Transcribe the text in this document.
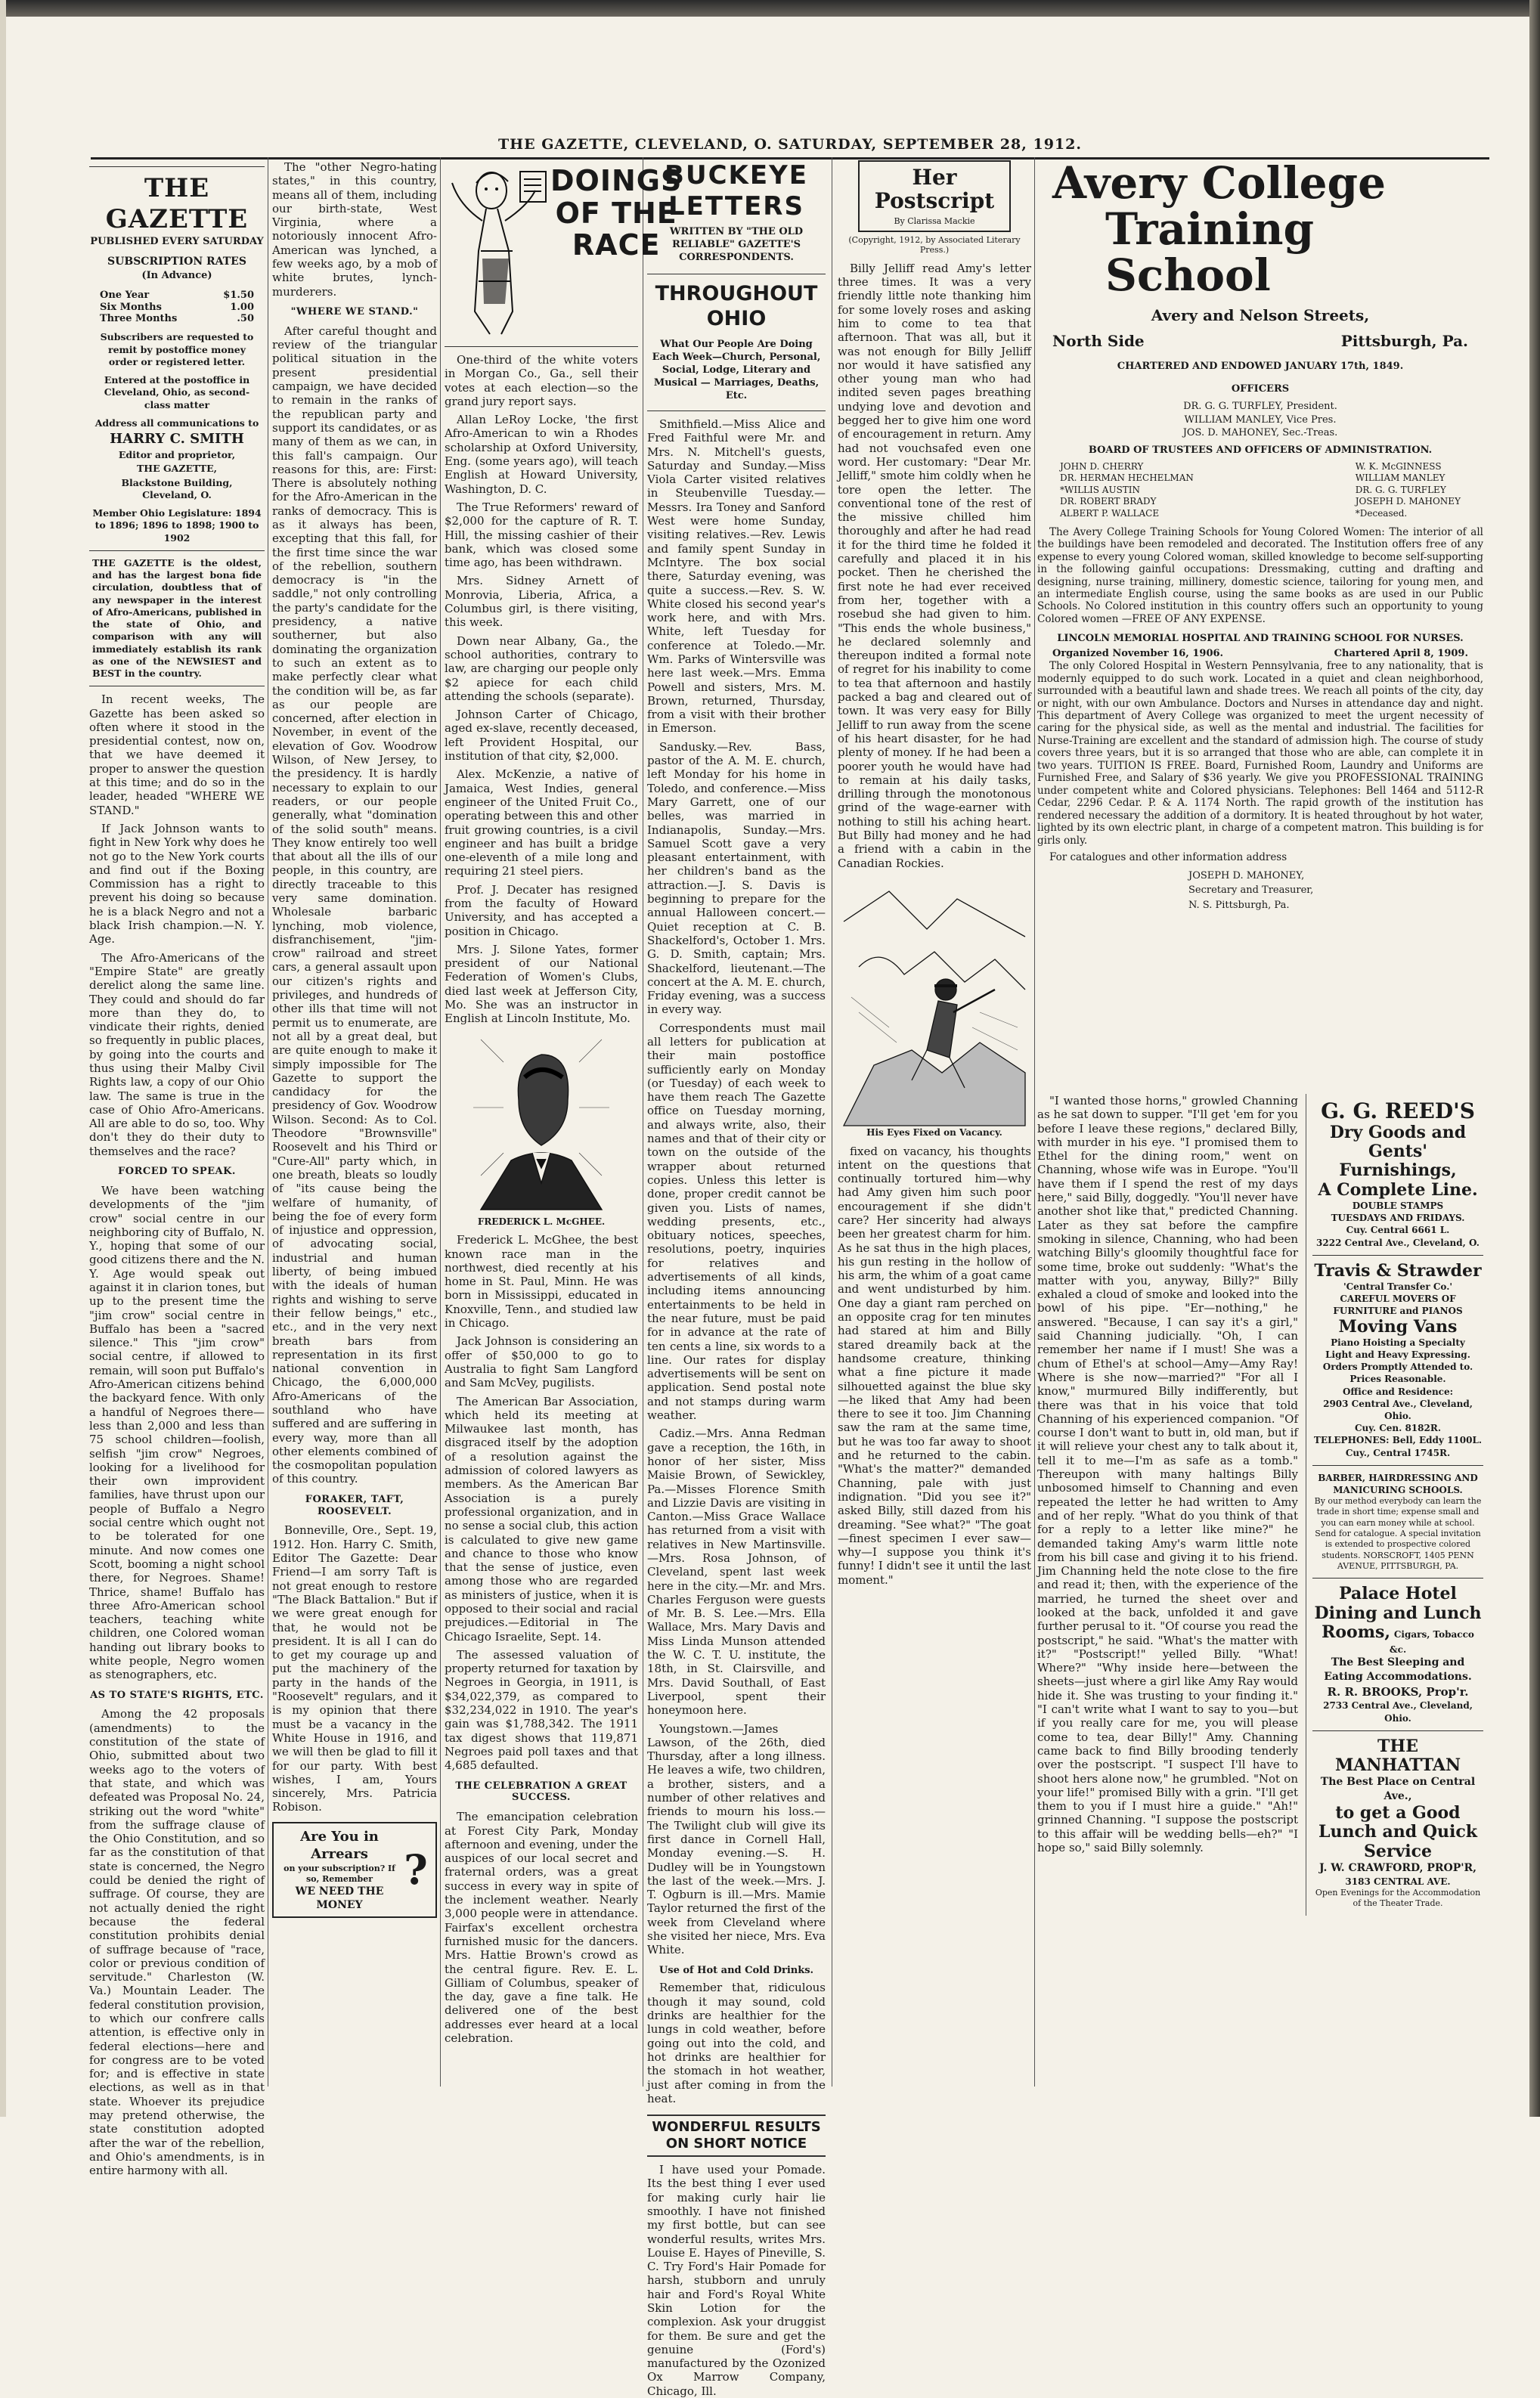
THE GAZETTE, CLEVELAND, O. SATURDAY, SEPTEMBER 28, 1912.
THE GAZETTE
PUBLISHED EVERY SATURDAY
SUBSCRIPTION RATES
(In Advance)
One Year	$1.50
Six Months	1.00
Three Months	.50
Subscribers are requested to remit by postoffice money order or registered letter.
Entered at the postoffice in Cleveland, Ohio, as second-class matter
Address all communications to
HARRY C. SMITH
Editor and proprietor,
THE GAZETTE,
Blackstone Building, Cleveland, O.
Member Ohio Legislature: 1894 to 1896; 1896 to 1898; 1900 to 1902
THE GAZETTE is the oldest, and has the largest bona fide circulation, doubtless that of any newspaper in the interest of Afro-Americans, published in the state of Ohio, and comparison with any will immediately establish its rank as one of the NEWSIEST and BEST in the country.

In recent weeks, The Gazette has been asked so often where it stood in the presidential contest, now on, that we have deemed it proper to answer the question at this time; and do so in the leader, headed "WHERE WE STAND."

If Jack Johnson wants to fight in New York why does he not go to the New York courts and find out if the Boxing Commission has a right to prevent his doing so because he is a black Negro and not a black Irish champion.—N. Y. Age.

The Afro-Americans of the "Empire State" are greatly derelict along the same line. They could and should do far more than they do, to vindicate their rights, denied so frequently in public places, by going into the courts and thus using their Malby Civil Rights law, a copy of our Ohio law. The same is true in the case of Ohio Afro-Americans. All are able to do so, too. Why don't they do their duty to themselves and the race?

FORCED TO SPEAK.

We have been watching developments of the "jim crow" social centre in our neighboring city of Buffalo, N. Y., hoping that some of our good citizens there and the N. Y. Age would speak out against it in clarion tones, but up to the present time the "jim crow" social centre in Buffalo has been a "sacred silence." This "jim crow" social centre, if allowed to remain, will soon put Buffalo's Afro-American citizens behind the backyard fence. With only a handful of Negroes there—less than 2,000 and less than 75 school children—foolish, selfish "jim crow" Negroes, looking for a livelihood for their own improvident families, have thrust upon our people of Buffalo a Negro social centre which ought not to be tolerated for one minute. And now comes one Scott, booming a night school there, for Negroes. Shame! Thrice, shame! Buffalo has three Afro-American school teachers, teaching white children, one Colored woman handing out library books to white people, Negro women as stenographers, etc.

AS TO STATE'S RIGHTS, ETC.

Among the 42 proposals (amendments) to the constitution of the state of Ohio, submitted about two weeks ago to the voters of that state, and which was defeated was Proposal No. 24, striking out the word "white" from the suffrage clause of the Ohio Constitution, and so far as the constitution of that state is concerned, the Negro could be denied the right of suffrage. Of course, they are not actually denied the right because the federal constitution prohibits denial of suffrage because of "race, color or previous condition of servitude." Charleston (W. Va.) Mountain Leader. The federal constitution provision, to which our confrere calls attention, is effective only in federal elections—here and for congress are to be voted for; and is effective in state elections, as well as in that state. Whoever its prejudice may pretend otherwise, the state constitution adopted after the war of the rebellion, and Ohio's amendments, is in entire harmony with all.

The "other Negro-hating states," in this country, means all of them, including our birth-state, West Virginia, where a notoriously innocent Afro-American was lynched, a few weeks ago, by a mob of white brutes, lynch-murderers.

"WHERE WE STAND."

After careful thought and review of the triangular political situation in the present presidential campaign, we have decided to remain in the ranks of the republican party and support its candidates, or as many of them as we can, in this fall's campaign. Our reasons for this, are: First: There is absolutely nothing for the Afro-American in the ranks of democracy. This is as it always has been, excepting that this fall, for the first time since the war of the rebellion, southern democracy is "in the saddle," not only controlling the party's candidate for the presidency, a native southerner, but also dominating the organization to such an extent as to make perfectly clear what the condition will be, as far as our people are concerned, after election in November, in event of the elevation of Gov. Woodrow Wilson, of New Jersey, to the presidency. It is hardly necessary to explain to our readers, or our people generally, what "domination of the solid south" means. They know entirely too well that about all the ills of our people, in this country, are directly traceable to this very same domination. Wholesale barbaric lynching, mob violence, disfranchisement, "jim-crow" railroad and street cars, a general assault upon our citizen's rights and privileges, and hundreds of other ills that time will not permit us to enumerate, are not all by a great deal, but are quite enough to make it simply impossible for The Gazette to support the candidacy for the presidency of Gov. Woodrow Wilson. Second: As to Col. Theodore "Brownsville" Roosevelt and his Third or "Cure-All" party which, in one breath, bleats so loudly of "its cause being the welfare of humanity, of being the foe of every form of injustice and oppression, of advocating social, industrial and human liberty, of being imbued with the ideals of human rights and wishing to serve their fellow beings," etc., etc., and in the very next breath bars from representation in its first national convention in Chicago, the 6,000,000 Afro-Americans of the southland who have suffered and are suffering in every way, more than all other elements combined of the cosmopolitan population of this country.

FORAKER, TAFT, ROOSEVELT.

Bonneville, Ore., Sept. 19, 1912. Hon. Harry C. Smith, Editor The Gazette: Dear Friend—I am sorry Taft is not great enough to restore "The Black Battalion." But if we were great enough for that, he would not be president. It is all I can do to get my courage up and put the machinery of the party in the hands of the "Roosevelt" regulars, and it is my opinion that there must be a vacancy in the White House in 1916, and we will then be glad to fill it for our party. With best wishes, I am, Yours sincerely, Mrs. Patricia Robison.

Are You in Arrears
on your subscription? If so, Remember
WE NEED THE MONEY
?
DOINGS OF THE RACE

One-third of the white voters in Morgan Co., Ga., sell their votes at each election—so the grand jury report says.

Allan LeRoy Locke, 'the first Afro-American to win a Rhodes scholarship at Oxford University, Eng. (some years ago), will teach English at Howard University, Washington, D. C.

The True Reformers' reward of $2,000 for the capture of R. T. Hill, the missing cashier of their bank, which was closed some time ago, has been withdrawn.

Mrs. Sidney Arnett of Monrovia, Liberia, Africa, a Columbus girl, is there visiting, this week.

Down near Albany, Ga., the school authorities, contrary to law, are charging our people only $2 apiece for each child attending the schools (separate).

Johnson Carter of Chicago, aged ex-slave, recently deceased, left Provident Hospital, our institution of that city, $2,000.

Alex. McKenzie, a native of Jamaica, West Indies, general engineer of the United Fruit Co., operating between this and other fruit growing countries, is a civil engineer and has built a bridge one-eleventh of a mile long and requiring 21 steel piers.

Prof. J. Decater has resigned from the faculty of Howard University, and has accepted a position in Chicago.

Mrs. J. Silone Yates, former president of our National Federation of Women's Clubs, died last week at Jefferson City, Mo. She was an instructor in English at Lincoln Institute, Mo.

FREDERICK L. McGHEE.

Frederick L. McGhee, the best known race man in the northwest, died recently at his home in St. Paul, Minn. He was born in Mississippi, educated in Knoxville, Tenn., and studied law in Chicago.

Jack Johnson is considering an offer of $50,000 to go to Australia to fight Sam Langford and Sam McVey, pugilists.

The American Bar Association, which held its meeting at Milwaukee last month, has disgraced itself by the adoption of a resolution against the admission of colored lawyers as members. As the American Bar Association is a purely professional organization, and in no sense a social club, this action is calculated to give new game and chance to those who know that the sense of justice, even among those who are regarded as ministers of justice, when it is opposed to their social and racial prejudices.—Editorial in The Chicago Israelite, Sept. 14.

The assessed valuation of property returned for taxation by Negroes in Georgia, in 1911, is $34,022,379, as compared to $32,234,022 in 1910. The year's gain was $1,788,342. The 1911 tax digest shows that 119,871 Negroes paid poll taxes and that 4,685 defaulted.

THE CELEBRATION A GREAT SUCCESS.

The emancipation celebration at Forest City Park, Monday afternoon and evening, under the auspices of our local secret and fraternal orders, was a great success in every way in spite of the inclement weather. Nearly 3,000 people were in attendance. Fairfax's excellent orchestra furnished music for the dancers. Mrs. Hattie Brown's crowd as the central figure. Rev. E. L. Gilliam of Columbus, speaker of the day, gave a fine talk. He delivered one of the best addresses ever heard at a local celebration.

BUCKEYE LETTERS
WRITTEN BY "THE OLD RELIABLE" GAZETTE'S CORRESPONDENTS.
THROUGHOUT OHIO
What Our People Are Doing Each Week—Church, Personal, Social, Lodge, Literary and Musical — Marriages, Deaths, Etc.

Smithfield.—Miss Alice and Fred Faithful were Mr. and Mrs. N. Mitchell's guests, Saturday and Sunday.—Miss Viola Carter visited relatives in Steubenville Tuesday.—Messrs. Ira Toney and Sanford West were home Sunday, visiting relatives.—Rev. Lewis and family spent Sunday in McIntyre. The box social there, Saturday evening, was quite a success.—Rev. S. W. White closed his second year's work here, and with Mrs. White, left Tuesday for conference at Toledo.—Mr. Wm. Parks of Wintersville was here last week.—Mrs. Emma Powell and sisters, Mrs. M. Brown, returned, Thursday, from a visit with their brother in Emerson.

Sandusky.—Rev. Bass, pastor of the A. M. E. church, left Monday for his home in Toledo, and conference.—Miss Mary Garrett, one of our belles, was married in Indianapolis, Sunday.—Mrs. Samuel Scott gave a very pleasant entertainment, with her children's band as the attraction.—J. S. Davis is beginning to prepare for the annual Halloween concert.—Quiet reception at C. B. Shackelford's, October 1. Mrs. G. D. Smith, captain; Mrs. Shackelford, lieutenant.—The concert at the A. M. E. church, Friday evening, was a success in every way.

Correspondents must mail all letters for publication at their main postoffice sufficiently early on Monday (or Tuesday) of each week to have them reach The Gazette office on Tuesday morning, and always write, also, their names and that of their city or town on the outside of the wrapper about returned copies. Unless this letter is done, proper credit cannot be given you. Lists of names, wedding presents, etc., obituary notices, speeches, resolutions, poetry, inquiries for relatives and advertisements of all kinds, including items announcing entertainments to be held in the near future, must be paid for in advance at the rate of ten cents a line, six words to a line. Our rates for display advertisements will be sent on application. Send postal note and not stamps during warm weather.

Cadiz.—Mrs. Anna Redman gave a reception, the 16th, in honor of her sister, Miss Maisie Brown, of Sewickley, Pa.—Misses Florence Smith and Lizzie Davis are visiting in Canton.—Miss Grace Wallace has returned from a visit with relatives in New Martinsville.—Mrs. Rosa Johnson, of Cleveland, spent last week here in the city.—Mr. and Mrs. Charles Ferguson were guests of Mr. B. S. Lee.—Mrs. Ella Wallace, Mrs. Mary Davis and Miss Linda Munson attended the W. C. T. U. institute, the 18th, in St. Clairsville, and Mrs. David Southall, of East Liverpool, spent their honeymoon here.

Youngstown.—James Lawson, of the 26th, died Thursday, after a long illness. He leaves a wife, two children, a brother, sisters, and a number of other relatives and friends to mourn his loss.—The Twilight club will give its first dance in Cornell Hall, Monday evening.—S. H. Dudley will be in Youngstown the last of the week.—Mrs. J. T. Ogburn is ill.—Mrs. Mamie Taylor returned the first of the week from Cleveland where she visited her niece, Mrs. Eva White.

Use of Hot and Cold Drinks.

Remember that, ridiculous though it may sound, cold drinks are healthier for the lungs in cold weather, before going out into the cold, and hot drinks are healthier for the stomach in hot weather, just after coming in from the heat.

WONDERFUL RESULTS ON SHORT NOTICE

I have used your Pomade. Its the best thing I ever used for making curly hair lie smoothly. I have not finished my first bottle, but can see wonderful results, writes Mrs. Louise E. Hayes of Pineville, S. C. Try Ford's Hair Pomade for harsh, stubborn and unruly hair and Ford's Royal White Skin Lotion for the complexion. Ask your druggist for them. Be sure and get the genuine (Ford's) manufactured by the Ozonized Ox Marrow Company, Chicago, Ill.

Her
Postscript
By Clarissa Mackie
(Copyright, 1912, by Associated Literary Press.)

Billy Jelliff read Amy's letter three times. It was a very friendly little note thanking him for some lovely roses and asking him to come to tea that afternoon. That was all, but it was not enough for Billy Jelliff nor would it have satisfied any other young man who had indited seven pages breathing undying love and devotion and begged her to give him one word of encouragement in return. Amy had not vouchsafed even one word. Her customary: "Dear Mr. Jelliff," smote him coldly when he tore open the letter. The conventional tone of the rest of the missive chilled him thoroughly and after he had read it for the third time he folded it carefully and placed it in his pocket. Then he cherished the first note he had ever received from her, together with a rosebud she had given to him. "This ends the whole business," he declared solemnly and thereupon indited a formal note of regret for his inability to come to tea that afternoon and hastily packed a bag and cleared out of town. It was very easy for Billy Jelliff to run away from the scene of his heart disaster, for he had plenty of money. If he had been a poorer youth he would have had to remain at his daily tasks, drilling through the monotonous grind of the wage-earner with nothing to still his aching heart. But Billy had money and he had a friend with a cabin in the Canadian Rockies.

His Eyes Fixed on Vacancy.

fixed on vacancy, his thoughts intent on the questions that continually tortured him—why had Amy given him such poor encouragement if she didn't care? Her sincerity had always been her greatest charm for him. As he sat thus in the high places, his gun resting in the hollow of his arm, the whim of a goat came and went undisturbed by him. One day a giant ram perched on an opposite crag for ten minutes had stared at him and Billy stared dreamily back at the handsome creature, thinking what a fine picture it made silhouetted against the blue sky—he liked that Amy had been there to see it too. Jim Channing saw the ram at the same time, but he was too far away to shoot and he returned to the cabin. "What's the matter?" demanded Channing, pale with just indignation. "Did you see it?" asked Billy, still dazed from his dreaming. "See what?" "The goat—finest specimen I ever saw—why—I suppose you think it's funny! I didn't see it until the last moment."

Avery College
Training School
Avery and Nelson Streets,
North Side	Pittsburgh, Pa.
CHARTERED AND ENDOWED JANUARY 17th, 1849.
OFFICERS
DR. G. G. TURFLEY, President.
WILLIAM MANLEY, Vice Pres.
JOS. D. MAHONEY, Sec.-Treas.
BOARD OF TRUSTEES AND OFFICERS OF ADMINISTRATION.
JOHN D. CHERRY
DR. HERMAN HECHELMAN
*WILLIS AUSTIN
DR. ROBERT BRADY
ALBERT P. WALLACE
W. K. McGINNESS
WILLIAM MANLEY
DR. G. G. TURFLEY
JOSEPH D. MAHONEY
*Deceased.

The Avery College Training Schools for Young Colored Women: The interior of all the buildings have been remodeled and decorated. The Institution offers free of any expense to every young Colored woman, skilled knowledge to become self-supporting in the following gainful occupations: Dressmaking, cutting and drafting and designing, nurse training, millinery, domestic science, tailoring for young men, and an intermediate English course, using the same books as are used in our Public Schools. No Colored institution in this country offers such an opportunity to young Colored women —FREE OF ANY EXPENSE.

LINCOLN MEMORIAL HOSPITAL AND TRAINING SCHOOL FOR NURSES.
Organized November 16, 1906.	Chartered April 8, 1909.

The only Colored Hospital in Western Pennsylvania, free to any nationality, that is modernly equipped to do such work. Located in a quiet and clean neighborhood, surrounded with a beautiful lawn and shade trees. We reach all points of the city, day or night, with our own Ambulance. Doctors and Nurses in attendance day and night. This department of Avery College was organized to meet the urgent necessity of caring for the physical side, as well as the mental and industrial. The facilities for Nurse-Training are excellent and the standard of admission high. The course of study covers three years, but it is so arranged that those who are able, can complete it in two years. TUITION IS FREE. Board, Furnished Room, Laundry and Uniforms are Furnished Free, and Salary of $36 yearly. We give you PROFESSIONAL TRAINING under competent white and Colored physicians. Telephones: Bell 1464 and 5112-R Cedar, 2296 Cedar. P. & A. 1174 North. The rapid growth of the institution has rendered necessary the addition of a dormitory. It is heated throughout by hot water, lighted by its own electric plant, in charge of a competent matron. This building is for girls only.

For catalogues and other information address

JOSEPH D. MAHONEY,
Secretary and Treasurer,
N. S. Pittsburgh, Pa.

"I wanted those horns," growled Channing as he sat down to supper. "I'll get 'em for you before I leave these regions," declared Billy, with murder in his eye. "I promised them to Ethel for the dining room," went on Channing, whose wife was in Europe. "You'll have them if I spend the rest of my days here," said Billy, doggedly. "You'll never have another shot like that," predicted Channing. Later as they sat before the campfire smoking in silence, Channing, who had been watching Billy's gloomily thoughtful face for some time, broke out suddenly: "What's the matter with you, anyway, Billy?" Billy exhaled a cloud of smoke and looked into the bowl of his pipe. "Er—nothing," he answered. "Because, I can say it's a girl," said Channing judicially. "Oh, I can remember her name if I must! She was a chum of Ethel's at school—Amy—Amy Ray! Where is she now—married?" "For all I know," murmured Billy indifferently, but there was that in his voice that told Channing of his experienced companion. "Of course I don't want to butt in, old man, but if it will relieve your chest any to talk about it, tell it to me—I'm as safe as a tomb." Thereupon with many haltings Billy unbosomed himself to Channing and even repeated the letter he had written to Amy and of her reply. "What do you think of that for a reply to a letter like mine?" he demanded taking Amy's warm little note from his bill case and giving it to his friend. Jim Channing held the note close to the fire and read it; then, with the experience of the married, he turned the sheet over and looked at the back, unfolded it and gave further perusal to it. "Of course you read the postscript," he said. "What's the matter with it?" "Postscript!" yelled Billy. "What! Where?" "Why inside here—between the sheets—just where a girl like Amy Ray would hide it. She was trusting to your finding it." "I can't write what I want to say to you—but if you really care for me, you will please come to tea, dear Billy!" Amy. Channing came back to find Billy brooding tenderly over the postscript. "I suspect I'll have to shoot hers alone now," he grumbled. "Not on your life!" promised Billy with a grin. "I'll get them to you if I must hire a guide." "Ah!" grinned Channing. "I suppose the postscript to this affair will be wedding bells—eh?" "I hope so," said Billy solemnly.

G. G. REED'S
Dry Goods and
Gents' Furnishings,
A Complete Line.
DOUBLE STAMPS
TUESDAYS AND FRIDAYS.
Cuy. Central 6661 L.
3222 Central Ave., Cleveland, O.
Travis & Strawder
'Central Transfer Co.'
CAREFUL MOVERS OF FURNITURE and PIANOS
Moving Vans
Piano Hoisting a Specialty
Light and Heavy Expressing. Orders Promptly Attended to. Prices Reasonable.
Office and Residence:
2903 Central Ave., Cleveland, Ohio.
Cuy. Cen. 8182R.
TELEPHONES: Bell, Eddy 1100L. Cuy., Central 1745R.
BARBER, HAIRDRESSING AND MANICURING SCHOOLS.
By our method everybody can learn the trade in short time; expense small and you can earn money while at school. Send for catalogue. A special invitation is extended to prospective colored students. NORSCROFT, 1405 PENN AVENUE, PITTSBURGH, PA.
Palace Hotel
Dining and Lunch
Rooms, Cigars, Tobacco &c.
The Best Sleeping and
Eating Accommodations.
R. R. BROOKS, Prop'r.
2733 Central Ave., Cleveland, Ohio.
THE MANHATTAN
The Best Place on Central Ave.,
to get a Good Lunch and Quick Service
J. W. CRAWFORD, PROP'R,
3183 CENTRAL AVE.
Open Evenings for the Accommodation of the Theater Trade.
